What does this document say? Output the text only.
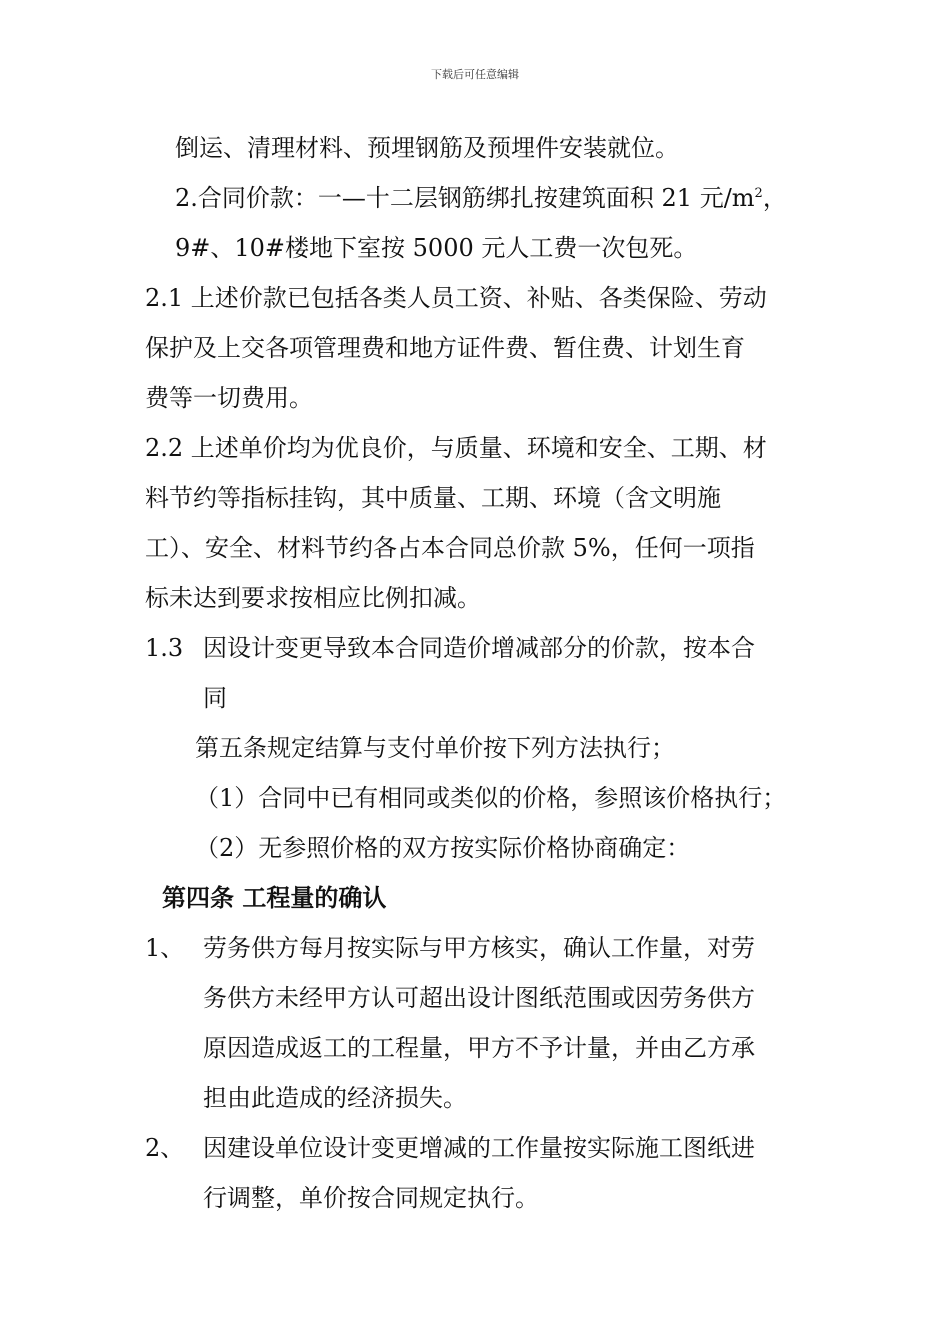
下载后可任意编辑
倒运、清理材料、预埋钢筋及预埋件安装就位。
2.合同价款：一—十二层钢筋绑扎按建筑面积 21 元$/m^2$，
9#、10#楼地下室按 5000 元人工费一次包死。
2.1 上述价款已包括各类人员工资、补贴、各类保险、劳动
保护及上交各项管理费和地方证件费、暂住费、计划生育
费等一切费用。
2.2 上述单价均为优良价，与质量、环境和安全、工期、材
料节约等指标挂钩，其中质量、工期、环境（含文明施
工）、安全、材料节约各占本合同总价款 5%，任何一项指
标未达到要求按相应比例扣减。
1.3 因设计变更导致本合同造价增减部分的价款，按本合
同
第五条规定结算与支付单价按下列方法执行；
（1）合同中已有相同或类似的价格，参照该价格执行；
（2）无参照价格的双方按实际价格协商确定：
第四条 工程量的确认
1、 劳务供方每月按实际与甲方核实，确认工作量，对劳
务供方未经甲方认可超出设计图纸范围或因劳务供方
原因造成返工的工程量，甲方不予计量，并由乙方承
担由此造成的经济损失。
2、 因建设单位设计变更增减的工作量按实际施工图纸进
行调整，单价按合同规定执行。
